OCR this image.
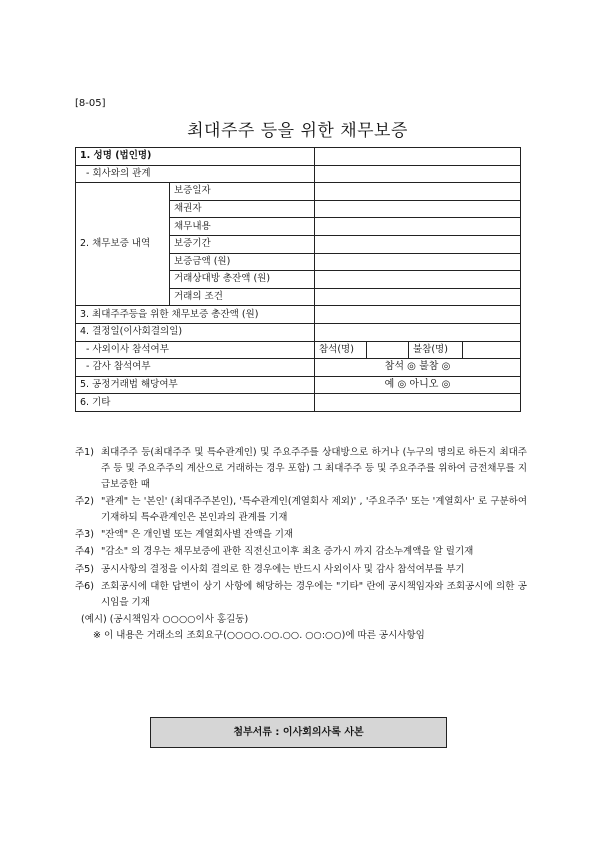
[8-05]
최대주주 등을 위한 채무보증
1. 성명 (법인명)					
- 회사와의 관계					
2. 채무보증 내역	보증일자				
	채권자				
	채무내용				
	보증기간				
	보증금액 (원)				
	거래상대방 총잔액 (원)				
	거래의 조건				
3. 최대주주등을 위한 채무보증 총잔액 (원)					
4. 결정일(이사회결의일)					
- 사외이사 참석여부		참석(명)		불참(명)	
- 감사 참석여부		참석 ◎ 불참 ◎			
5. 공정거래법 해당여부		예 ◎ 아니오 ◎			
6. 기타					
주1) 최대주주 등(최대주주 및 특수관계인) 및 주요주주를 상대방으로 하거나 (누구의 명의로 하든지 최대주주 등 및 주요주주의 계산으로 거래하는 경우 포함) 그 최대주주 등 및 주요주주를 위하여 금전채무를 지급보증한 때
주2) "관계" 는 '본인' (최대주주본인), '특수관계인(계열회사 제외)' , '주요주주' 또는 '계열회사' 로 구분하여 기재하되 특수관계인은 본인과의 관계를 기재
주3) "잔액" 은 개인별 또는 계열회사별 잔액을 기재
주4) "감소" 의 경우는 채무보증에 관한 직전신고이후 최초 증가시 까지 감소누계액을 알 릴기재
주5) 공시사항의 결정을 이사회 결의로 한 경우에는 반드시 사외이사 및 감사 참석여부를 부기
주6) 조회공시에 대한 답변이 상기 사항에 해당하는 경우에는 "기타" 란에 공시책임자와 조회공시에 의한 공시임을 기재
(예시) (공시책임자 ○○○○이사 홍길동)
※ 이 내용은 거래소의 조회요구(○○○○.○○.○○. ○○:○○)에 따른 공시사항임
첨부서류 : 이사회의사록 사본
